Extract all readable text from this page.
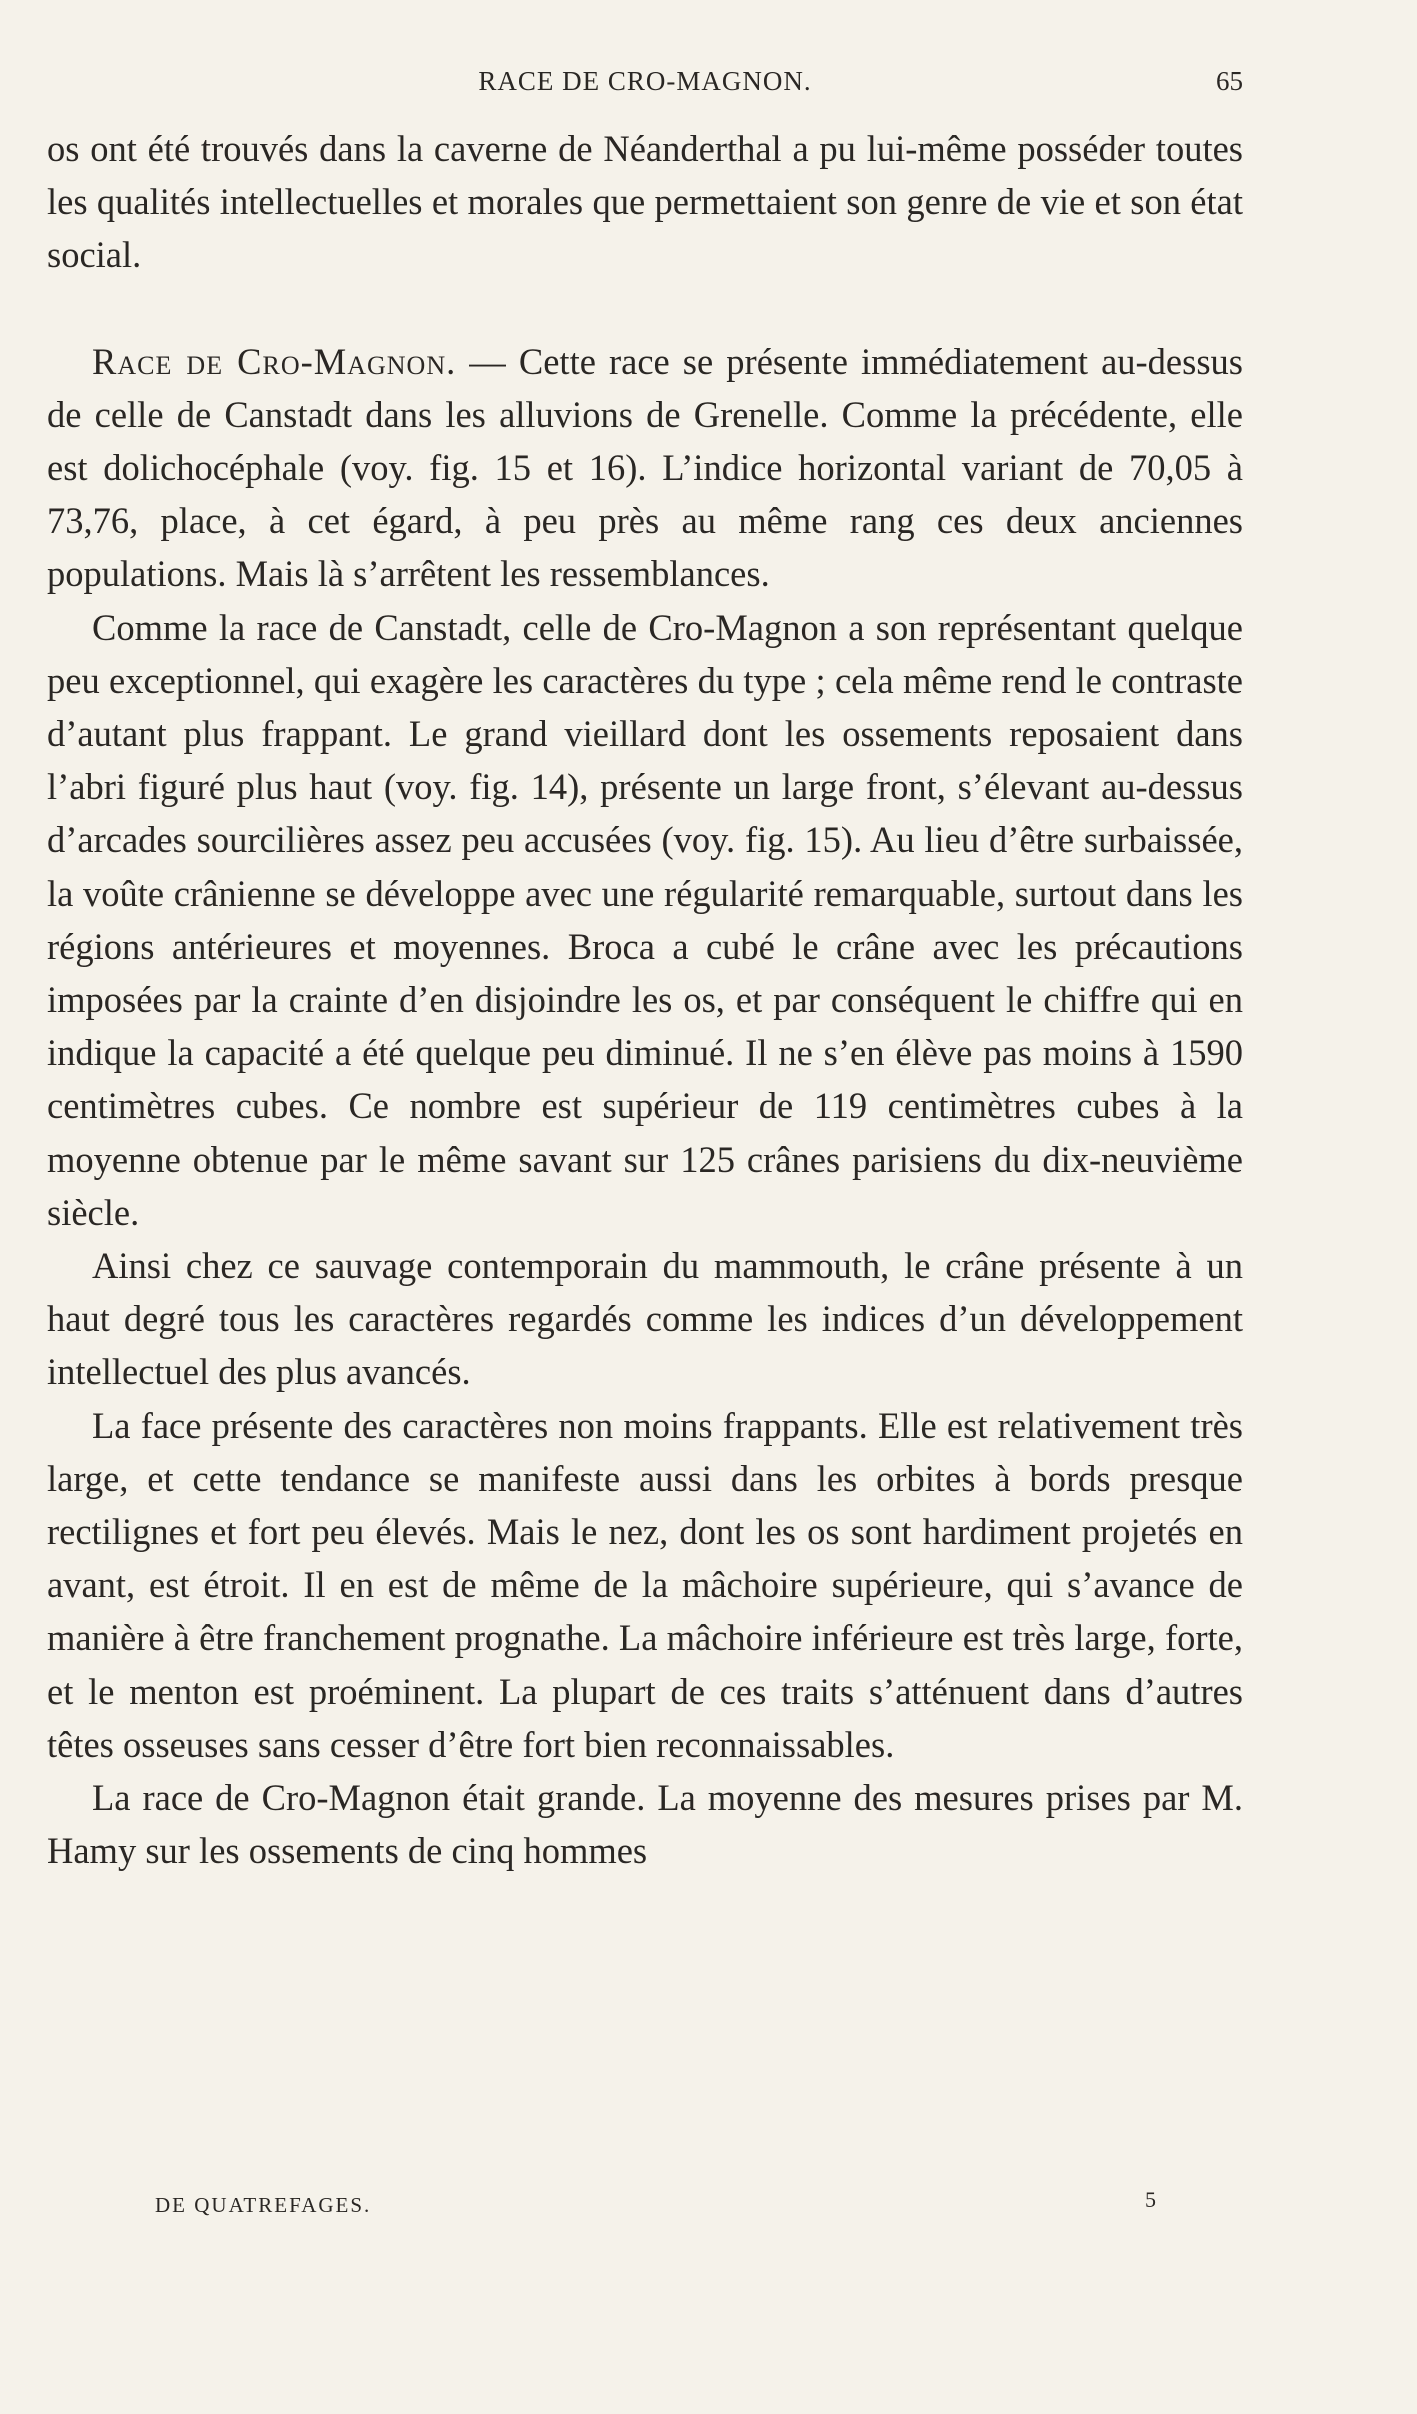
RACE DE CRO-MAGNON.	65

os ont été trouvés dans la caverne de Néanderthal a pu lui-même posséder toutes les qualités intellectuelles et morales que permettaient son genre de vie et son état social.

Race de Cro-Magnon. — Cette race se présente immédiatement au-dessus de celle de Canstadt dans les alluvions de Grenelle. Comme la précédente, elle est dolichocéphale (voy. fig. 15 et 16). L’indice horizontal variant de 70,05 à 73,76, place, à cet égard, à peu près au même rang ces deux anciennes populations. Mais là s’arrêtent les ressemblances.

Comme la race de Canstadt, celle de Cro-Magnon a son représentant quelque peu exceptionnel, qui exagère les caractères du type ; cela même rend le contraste d’autant plus frappant. Le grand vieillard dont les ossements reposaient dans l’abri figuré plus haut (voy. fig. 14), présente un large front, s’élevant au-dessus d’arcades sourcilières assez peu accusées (voy. fig. 15). Au lieu d’être surbaissée, la voûte crânienne se développe avec une régularité remarquable, surtout dans les régions antérieures et moyennes. Broca a cubé le crâne avec les précautions imposées par la crainte d’en disjoindre les os, et par conséquent le chiffre qui en indique la capacité a été quelque peu diminué. Il ne s’en élève pas moins à 1590 centimètres cubes. Ce nombre est supérieur de 119 centimètres cubes à la moyenne obtenue par le même savant sur 125 crânes parisiens du dix-neuvième siècle.

Ainsi chez ce sauvage contemporain du mammouth, le crâne présente à un haut degré tous les caractères regardés comme les indices d’un développement intellectuel des plus avancés.

La face présente des caractères non moins frappants. Elle est relativement très large, et cette tendance se manifeste aussi dans les orbites à bords presque rectilignes et fort peu élevés. Mais le nez, dont les os sont hardiment projetés en avant, est étroit. Il en est de même de la mâchoire supérieure, qui s’avance de manière à être franchement prognathe. La mâchoire inférieure est très large, forte, et le menton est proéminent. La plupart de ces traits s’atténuent dans d’autres têtes osseuses sans cesser d’être fort bien reconnaissables.

La race de Cro-Magnon était grande. La moyenne des mesures prises par M. Hamy sur les ossements de cinq hommes

DE QUATREFAGES.	5
